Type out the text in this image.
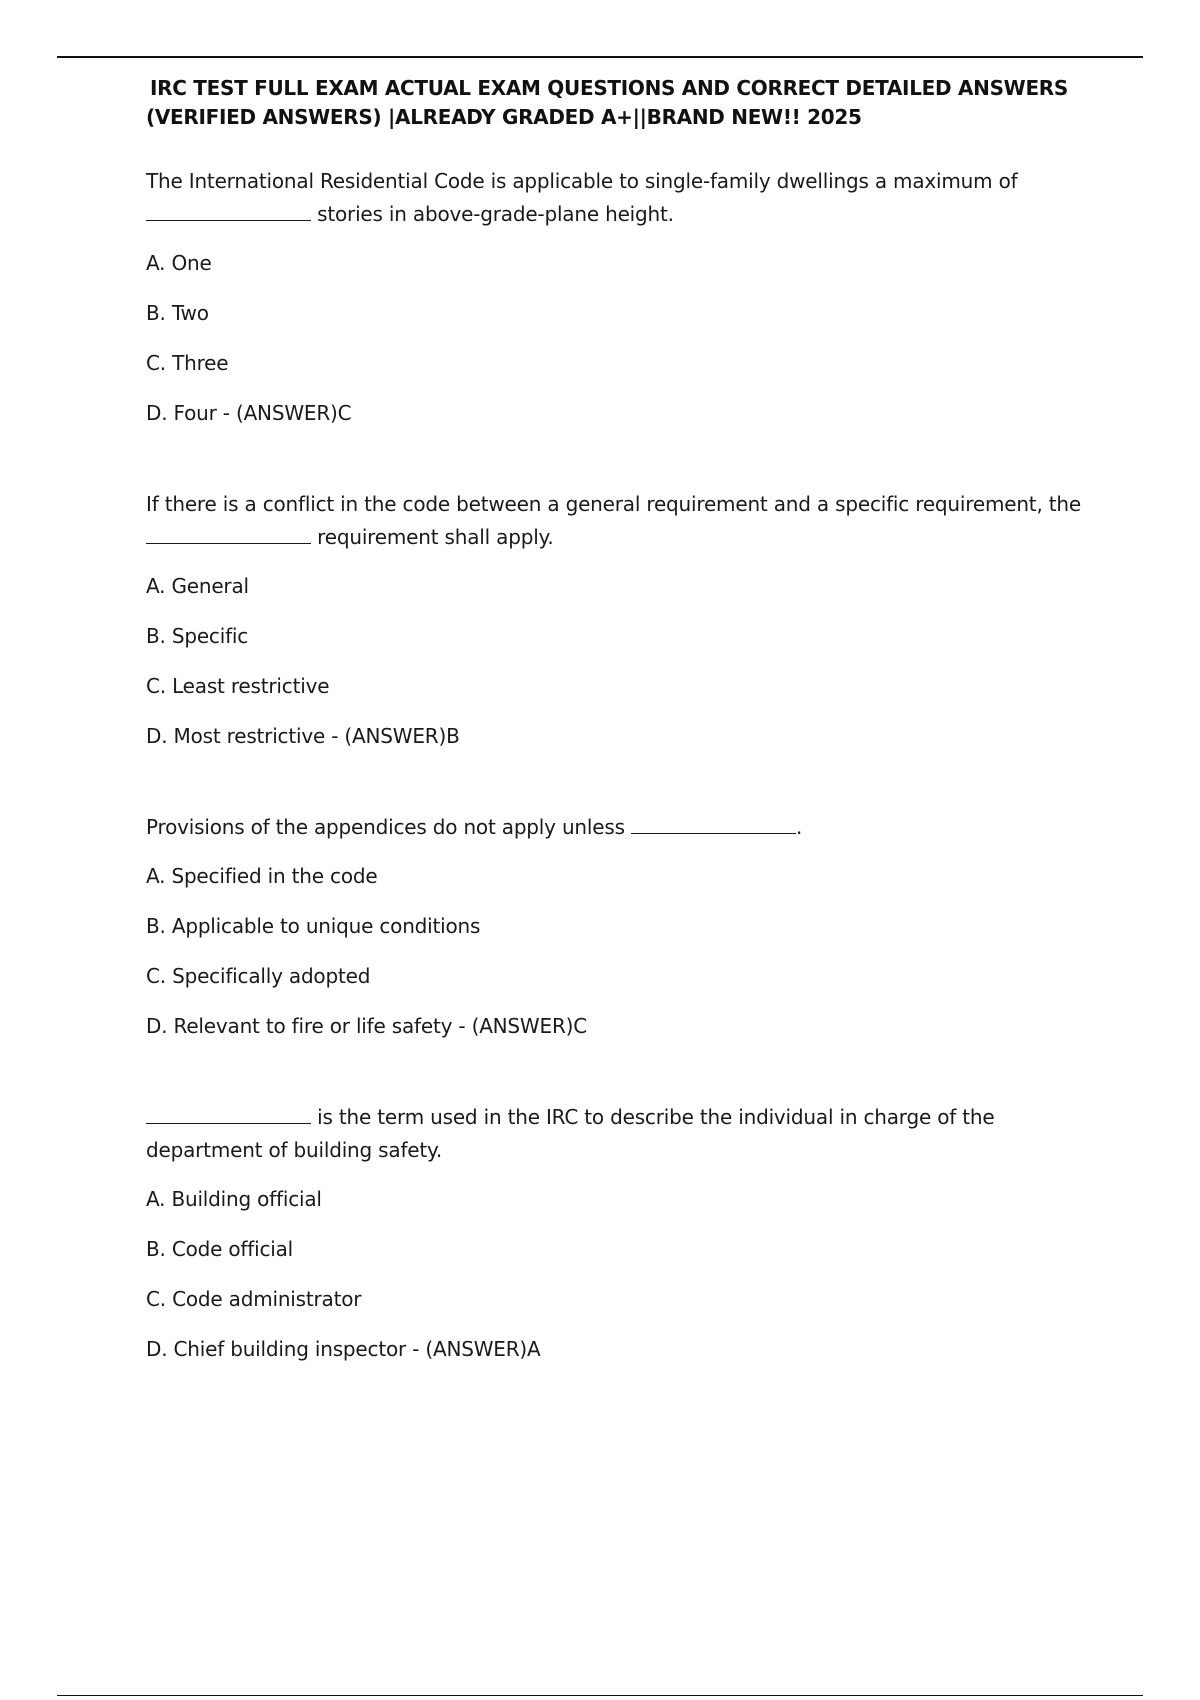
IRC TEST FULL EXAM ACTUAL EXAM QUESTIONS AND CORRECT DETAILED ANSWERS
(VERIFIED ANSWERS) |ALREADY GRADED A+||BRAND NEW!! 2025

The International Residential Code is applicable to single-family dwellings a maximum of  stories in above-grade-plane height.

A. One
B. Two
C. Three
D. Four - (ANSWER)C

If there is a conflict in the code between a general requirement and a specific requirement, the  requirement shall apply.

A. General
B. Specific
C. Least restrictive
D. Most restrictive - (ANSWER)B

Provisions of the appendices do not apply unless	.

A. Specified in the code
B. Applicable to unique conditions
C. Specifically adopted
D. Relevant to fire or life safety - (ANSWER)C

is the term used in the IRC to describe the individual in charge of the department of building safety.

A. Building official
B. Code official
C. Code administrator
D. Chief building inspector - (ANSWER)A
